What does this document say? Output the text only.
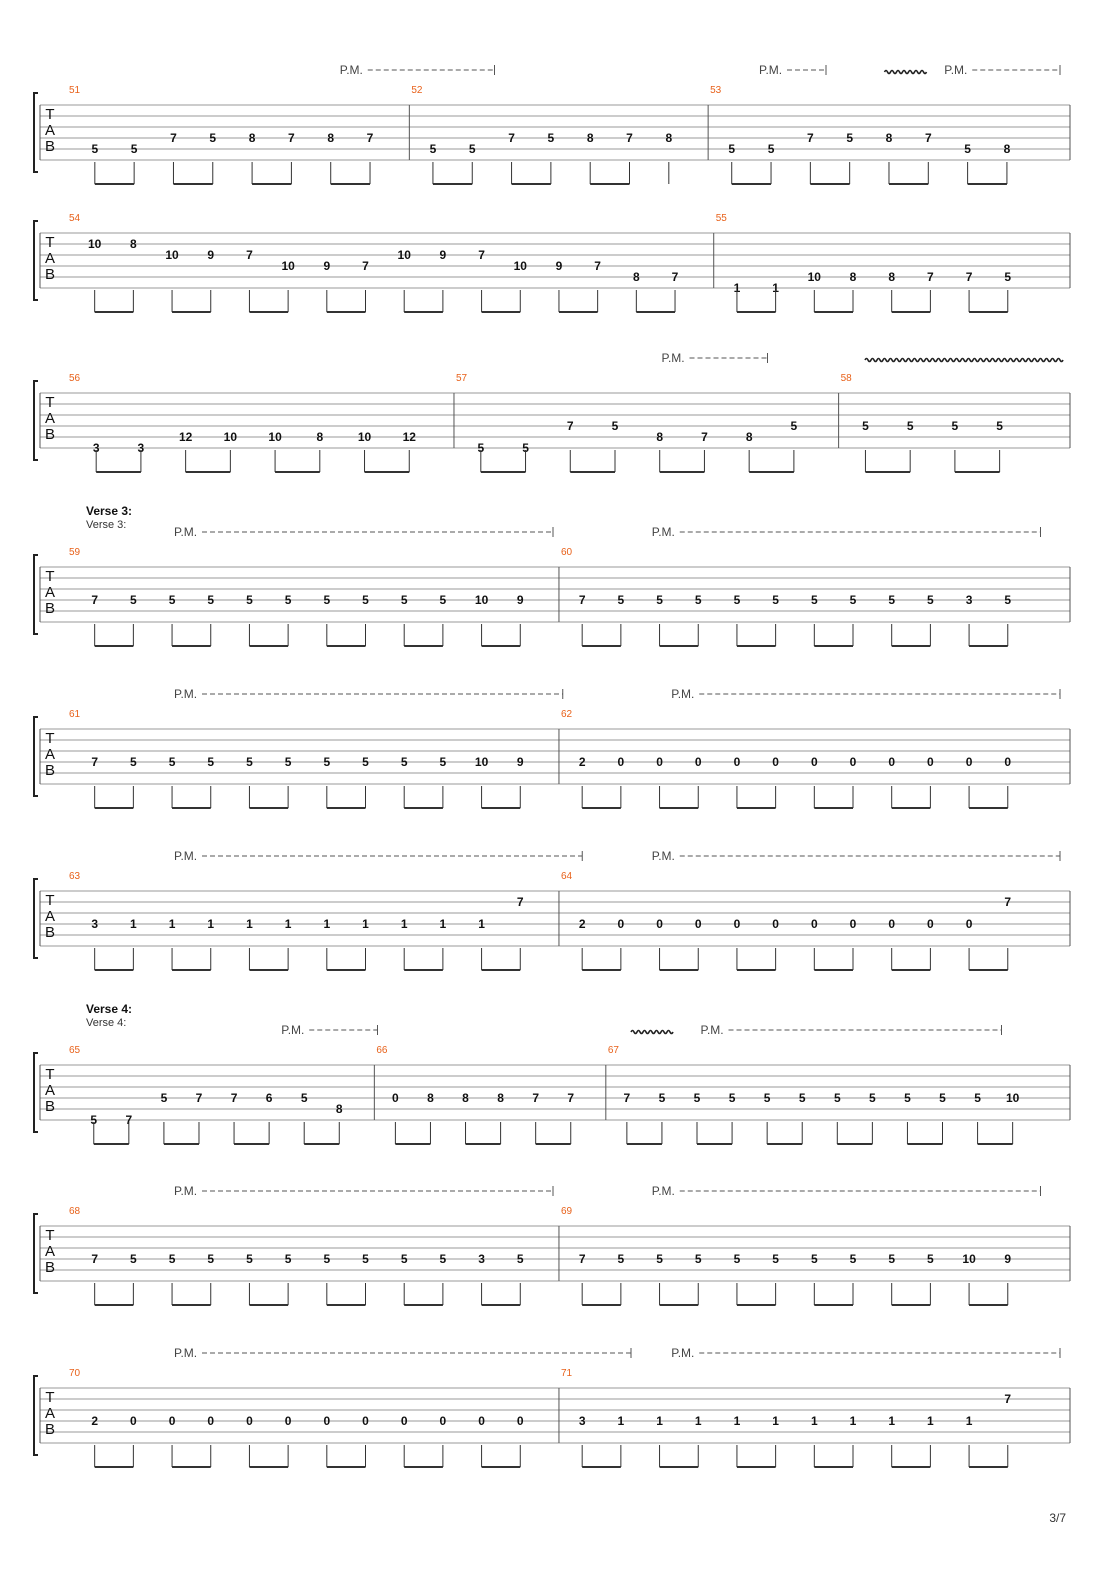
T
A
B
51
5	5
7	5	8	7	8	7
52
5	5
7	5	8	7	8
53
5	5
7	5	8	7
5	8
P.M.	P.M.	P.M.
T
A
B
54
10 8
10 9	7
10 9	7
10 9	7
10 9	7
8	7
55
1	1
10 8	8	7	7	5
T
A
B
56
3	3
12	10	10	8	10	12
57
5	5
7	5
8	7	8
5
58
5	5	5	5
P.M.
T
A
B
59
7	5	5	5	5	5	5	5	5	5 10 9
60
7	5	5	5	5	5	5	5	5	5	3	5
P.M.	P.M.
Verse 3:
Verse 3:
T
A
B
61
7	5	5	5	5	5	5	5	5	5 10 9
62
2	0	0	0	0	0	0	0	0	0	0	0
P.M.	P.M.
T
A
B
63
3	1	1	1	1	1	1	1	1	1	1
7
64
2	0	0	0	0	0	0	0	0	0	0
7
P.M.	P.M.
T
A
B
65
5 7
5 7 7 6 5
8
66
0 8 8 8 7 7
67
7 5 5 5 5 5 5 5 5 5 5 10
P.M.	P.M.
Verse 4:
Verse 4:
T
A
B
68
7	5	5	5	5	5	5	5	5	5	3	5
69
7	5	5	5	5	5	5	5	5	5 10 9
P.M.	P.M.
T
A
B
70
2	0	0	0	0	0	0	0	0	0	0	0
71
3	1	1	1	1	1	1	1	1	1	1
7
P.M.	P.M.
3/7
